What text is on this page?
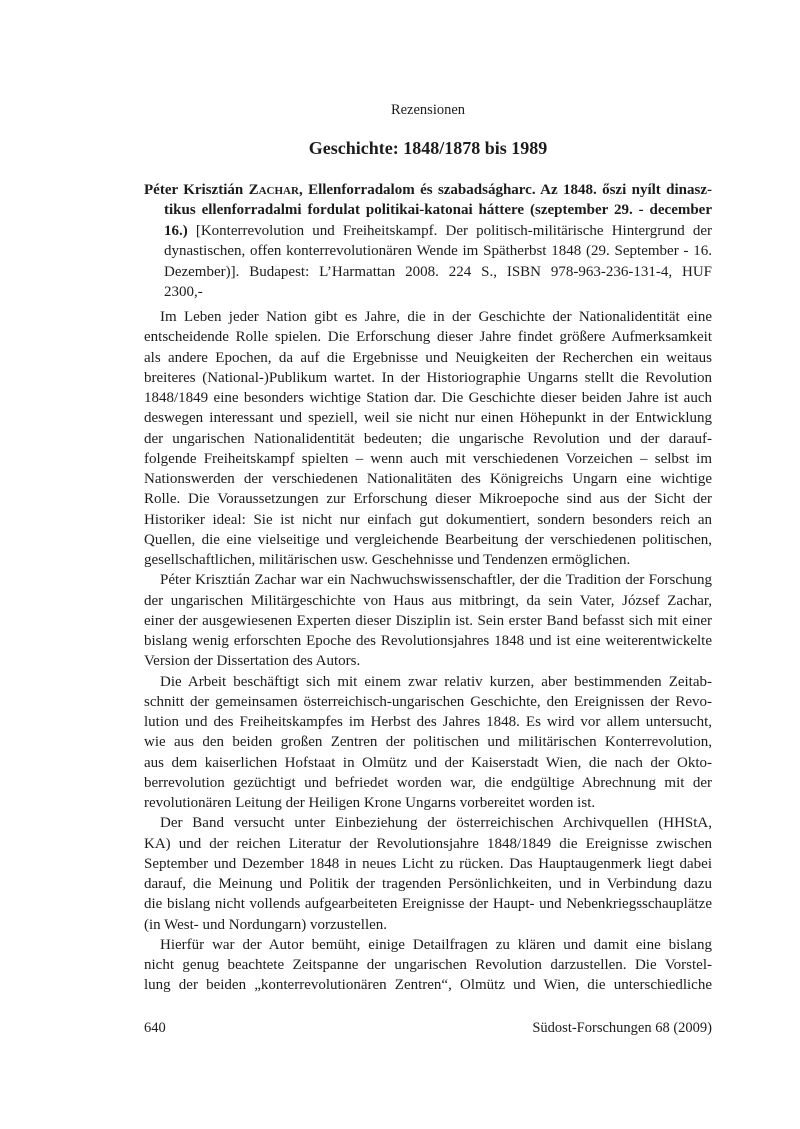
Rezensionen
Geschichte: 1848/1878 bis 1989
Péter Krisztián Zachar, Ellenforradalom és szabadságharc. Az 1848. őszi nyílt dinasz-
tikus ellenforradalmi fordulat politikai-katonai háttere (szeptember 29. - december
16.) [Konterrevolution und Freiheitskampf. Der politisch-militärische Hintergrund der
dynastischen, offen konterrevolutionären Wende im Spätherbst 1848 (29. September - 16.
Dezember)]. Budapest: L’Harmattan 2008. 224 S., ISBN 978-963-236-131-4, HUF
2300,-

Im Leben jeder Nation gibt es Jahre, die in der Geschichte der Nationalidentität eine
entscheidende Rolle spielen. Die Erforschung dieser Jahre findet größere Aufmerksamkeit
als andere Epochen, da auf die Ergebnisse und Neuigkeiten der Recherchen ein weitaus
breiteres (National-)Publikum wartet. In der Historiographie Ungarns stellt die Revolution
1848/1849 eine besonders wichtige Station dar. Die Geschichte dieser beiden Jahre ist auch
deswegen interessant und speziell, weil sie nicht nur einen Höhepunkt in der Entwicklung
der ungarischen Nationalidentität bedeuten; die ungarische Revolution und der darauf-
folgende Freiheitskampf spielten – wenn auch mit verschiedenen Vorzeichen – selbst im
Nationswerden der verschiedenen Nationalitäten des Königreichs Ungarn eine wichtige
Rolle. Die Voraussetzungen zur Erforschung dieser Mikroepoche sind aus der Sicht der
Historiker ideal: Sie ist nicht nur einfach gut dokumentiert, sondern besonders reich an
Quellen, die eine vielseitige und vergleichende Bearbeitung der verschiedenen politischen,
gesellschaftlichen, militärischen usw. Geschehnisse und Tendenzen ermöglichen.

Péter Krisztián Zachar war ein Nachwuchswissenschaftler, der die Tradition der Forschung
der ungarischen Militärgeschichte von Haus aus mitbringt, da sein Vater, József Zachar,
einer der ausgewiesenen Experten dieser Disziplin ist. Sein erster Band befasst sich mit einer
bislang wenig erforschten Epoche des Revolutionsjahres 1848 und ist eine weiterentwickelte
Version der Dissertation des Autors.

Die Arbeit beschäftigt sich mit einem zwar relativ kurzen, aber bestimmenden Zeitab-
schnitt der gemeinsamen österreichisch-ungarischen Geschichte, den Ereignissen der Revo-
lution und des Freiheitskampfes im Herbst des Jahres 1848. Es wird vor allem untersucht,
wie aus den beiden großen Zentren der politischen und militärischen Konterrevolution,
aus dem kaiserlichen Hofstaat in Olmütz und der Kaiserstadt Wien, die nach der Okto-
berrevolution gezüchtigt und befriedet worden war, die endgültige Abrechnung mit der
revolutionären Leitung der Heiligen Krone Ungarns vorbereitet worden ist.

Der Band versucht unter Einbeziehung der österreichischen Archivquellen (HHStA,
KA) und der reichen Literatur der Revolutionsjahre 1848/1849 die Ereignisse zwischen
September und Dezember 1848 in neues Licht zu rücken. Das Hauptaugenmerk liegt dabei
darauf, die Meinung und Politik der tragenden Persönlichkeiten, und in Verbindung dazu
die bislang nicht vollends aufgearbeiteten Ereignisse der Haupt- und Nebenkriegsschauplätze
(in West- und Nordungarn) vorzustellen.

Hierfür war der Autor bemüht, einige Detailfragen zu klären und damit eine bislang
nicht genug beachtete Zeitspanne der ungarischen Revolution darzustellen. Die Vorstel-
lung der beiden „konterrevolutionären Zentren“, Olmütz und Wien, die unterschiedliche

640	Südost-Forschungen 68 (2009)
